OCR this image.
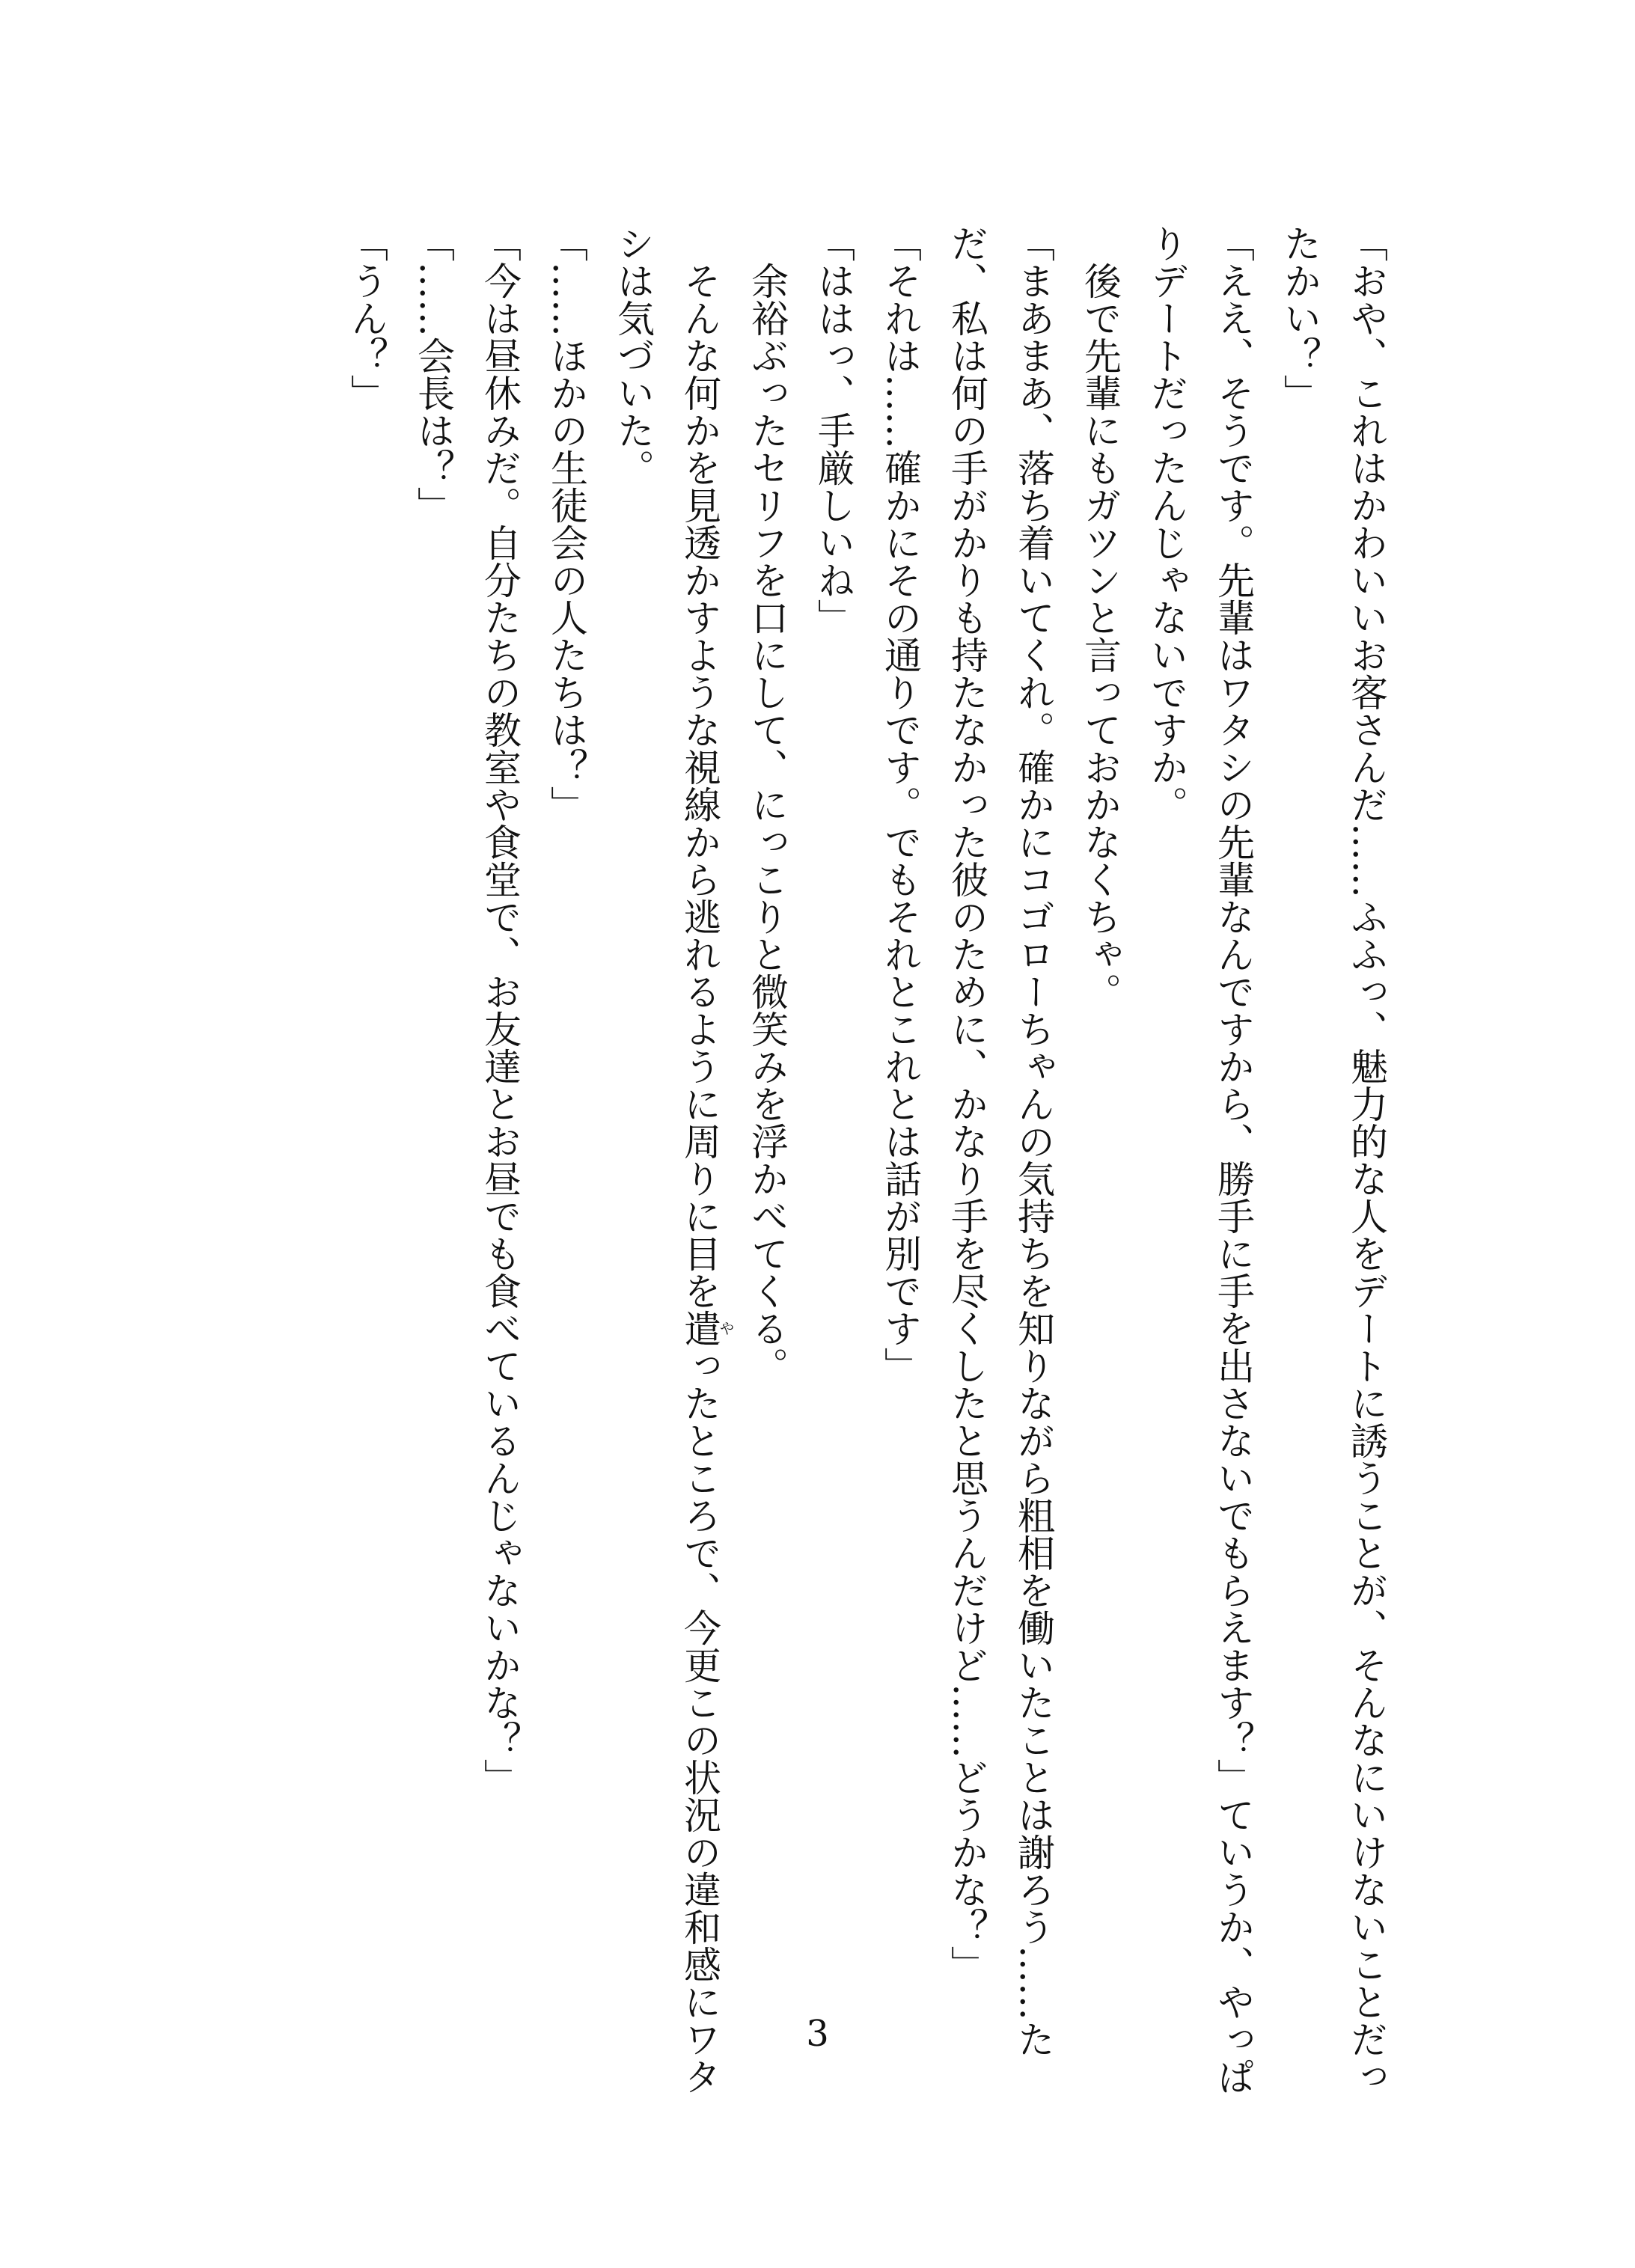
「おや、これはかわいいお客さんだ……ふふっ、魅力的な人をデートに誘うことが、そんなにいけないことだったかい？」

「ええ、そうです。先輩はワタシの先輩なんですから、勝手に手を出さないでもらえます？」ていうか、やっぱりデートだったんじゃないですか。

後で先輩にもガツンと言っておかなくちゃ。

「まあまあ、落ち着いてくれ。確かにコゴローちゃんの気持ちを知りながら粗相を働いたことは謝ろう……ただ、私は何の手がかりも持たなかった彼のために、かなり手を尽くしたと思うんだけど……どうかな？」

「それは……確かにその通りです。でもそれとこれとは話が別です」

「ははっ、手厳しいね」

余裕ぶったセリフを口にして、にっこりと微笑みを浮かべてくる。

そんな何かを見透かすような視線から逃れるように周りに目を遣やったところで、今更この状況の違和感にワタシは気づいた。

「……ほかの生徒会の人たちは？」

「今は昼休みだ。自分たちの教室や食堂で、お友達とお昼でも食べているんじゃないかな？」

「……会長は？」

「うん？」

3
